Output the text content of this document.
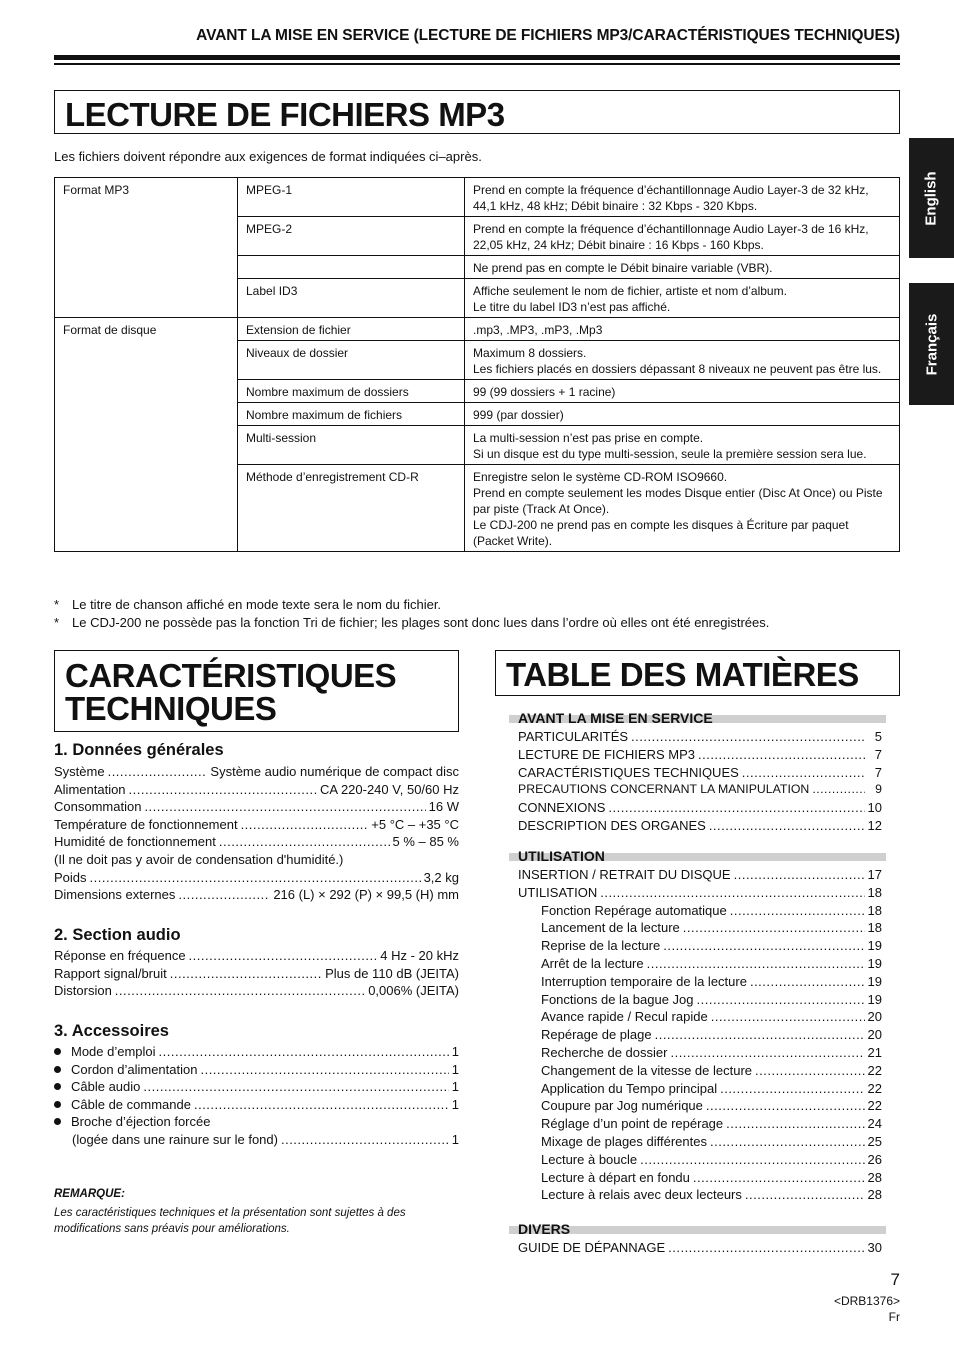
AVANT LA MISE EN SERVICE (LECTURE DE FICHIERS MP3/CARACTÉRISTIQUES TECHNIQUES)
English
Français
LECTURE DE FICHIERS MP3
Les fichiers doivent répondre aux exigences de format indiquées ci–après.
Format MP3	MPEG-1	Prend en compte la fréquence d’échantillonnage Audio Layer-3 de 32 kHz, 44,1 kHz, 48 kHz; Débit binaire : 32 Kbps - 320 Kbps.
	MPEG-2	Prend en compte la fréquence d’échantillonnage Audio Layer-3 de 16 kHz, 22,05 kHz, 24 kHz; Débit binaire : 16 Kbps - 160 Kbps.
		Ne prend pas en compte le Débit binaire variable (VBR).
	Label ID3	Affiche seulement le nom de fichier, artiste et nom d’album.
Le titre du label ID3 n’est pas affiché.

Format de disque	Extension de fichier	.mp3, .MP3, .mP3, .Mp3
	Niveaux de dossier	Maximum 8 dossiers.
Les fichiers placés en dossiers dépassant 8 niveaux ne peuvent pas être lus.

	Nombre maximum de dossiers	99 (99 dossiers + 1 racine)
	Nombre maximum de fichiers	999 (par dossier)
	Multi-session	La multi-session n’est pas prise en compte.
Si un disque est du type multi-session, seule la première session sera lue.

	Méthode d’enregistrement CD-R	Enregistre selon le système CD-ROM ISO9660.
Prend en compte seulement les modes Disque entier (Disc At Once) ou Piste par piste (Track At Once).
Le CDJ-200 ne prend pas en compte les disques à Écriture par paquet (Packet Write).
* Le titre de chanson affiché en mode texte sera le nom du fichier.
* Le CDJ-200 ne possède pas la fonction Tri de fichier; les plages sont donc lues dans l’ordre où elles ont été enregistrées.
CARACTÉRISTIQUES
TECHNIQUES
1. Données générales
Système .....	Système audio numérique de compact disc
Alimentation .....	CA 220-240 V, 50/60 Hz
Consommation .....	16 W
Température de fonctionnement .....	+5 °C – +35 °C
Humidité de fonctionnement .....	5 % – 85 %
(Il ne doit pas y avoir de condensation d'humidité.)
Poids .....	3,2 kg
Dimensions externes .....	216 (L) × 292 (P) × 99,5 (H) mm
2. Section audio
Réponse en fréquence .....	4 Hz - 20 kHz
Rapport signal/bruit .....	Plus de 110 dB (JEITA)
Distorsion .....	0,006% (JEITA)
3. Accessoires
Mode d’emploi .....	1
Cordon d’alimentation .....	1
Câble audio .....	1
Câble de commande .....	1
Broche d’éjection forcée
(logée dans une rainure sur le fond) .....	1
REMARQUE:
Les caractéristiques techniques et la présentation sont sujettes à des modifications sans préavis pour améliorations.
TABLE DES MATIÈRES
AVANT LA MISE EN SERVICE
PARTICULARITÉS .....	5
LECTURE DE FICHIERS MP3 .....	7
CARACTÉRISTIQUES TECHNIQUES .....	7
PRECAUTIONS CONCERNANT LA MANIPULATION .....	9
CONNEXIONS .....	10
DESCRIPTION DES ORGANES .....	12
UTILISATION
INSERTION / RETRAIT DU DISQUE .....	17
UTILISATION .....	18
Fonction Repérage automatique .....	18
Lancement de la lecture .....	18
Reprise de la lecture .....	19
Arrêt de la lecture .....	19
Interruption temporaire de la lecture .....	19
Fonctions de la bague Jog .....	19
Avance rapide / Recul rapide .....	20
Repérage de plage .....	20
Recherche de dossier .....	21
Changement de la vitesse de lecture .....	22
Application du Tempo principal .....	22
Coupure par Jog numérique .....	22
Réglage d’un point de repérage .....	24
Mixage de plages différentes .....	25
Lecture à boucle .....	26
Lecture à départ en fondu .....	28
Lecture à relais avec deux lecteurs .....	28
DIVERS
GUIDE DE DÉPANNAGE .....	30
7
<DRB1376>
Fr
